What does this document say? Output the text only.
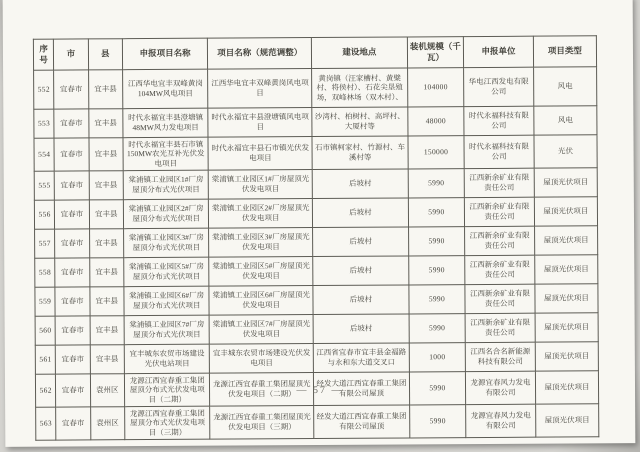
序号	市	县	申报项目名称	项目名称（规范调整）	建设地点	装机规模（千瓦）	申报单位	项目类型
552	宜春市	宜丰县	江西华电宜丰双峰黄岗104MW风电项目	江西华电宜丰双峰黄岗风电项目	黄岗镇（汪家槽村、黄檗村、将侯村）、石花尖垦殖场，双峰林场（双木村）、	104000	华电江西发电有限公司	风电
553	宜春市	宜丰县	时代永福宜丰县澄塘镇48MW风力发电项目	时代永福宜丰县澄塘镇风电项目	沙湾村、柏树村、高坪村、大厦村等	48000	时代永福科技有限公司	风电
554	宜春市	宜丰县	时代永福宜丰县石市镇150MW农光互补光伏发电项目	时代永福宜丰县石市镇光伏发电项目	石市镇柯家村、竹源村、车溪村等	150000	时代永福科技有限公司	光伏
555	宜春市	宜丰县	棠浦镇工业园区1#厂房屋顶分布式光伏项目	棠浦镇工业园区1#厂房屋顶光伏发电项目	后坡村	5990	江西新余矿业有限责任公司	屋顶光伏项目
556	宜春市	宜丰县	棠浦镇工业园区2#厂房屋顶分布式光伏项目	棠浦镇工业园区2#厂房屋顶光伏发电项目	后坡村	5990	江西新余矿业有限责任公司	屋顶光伏项目
557	宜春市	宜丰县	棠浦镇工业园区3#厂房屋顶分布式光伏项目	棠浦镇工业园区3#厂房屋顶光伏发电项目	后坡村	5990	江西新余矿业有限责任公司	屋顶光伏项目
558	宜春市	宜丰县	棠浦镇工业园区5#厂房屋顶分布式光伏项目	棠浦镇工业园区5#厂房屋顶光伏发电项目	后坡村	5990	江西新余矿业有限责任公司	屋顶光伏项目
559	宜春市	宜丰县	棠浦镇工业园区6#厂房屋顶分布式光伏项目	棠浦镇工业园区6#厂房屋顶光伏发电项目	后坡村	5990	江西新余矿业有限责任公司	屋顶光伏项目
560	宜春市	宜丰县	棠浦镇工业园区7#厂房屋顶分布式光伏项目	棠浦镇工业园区7#厂房屋顶光伏发电项目	后坡村	5990	江西新余矿业有限责任公司	屋顶光伏项目
561	宜春市	宜丰县	宜丰城东农贸市场建设光伏电站项目	宜丰城东农贸市场建设光伏发电项目	江西省宜春市宜丰县金福路与永和东大道交叉口	1000	江西名合名新能源科技有限公司	屋顶光伏项目
562	宜春市	袁州区	龙源江西宜春重工集团屋顶分布式光伏发电项目（二期）	龙源江西宜春重工集团屋顶光伏发电项目（二期）	经发大道江西宜春重工集团有限公司屋顶	5990	龙源宜春风力发电有限公司	屋顶光伏项目
563	宜春市	袁州区	龙源江西宜春重工集团屋顶分布式光伏发电项目（三期）	龙源江西宜春重工集团屋顶光伏发电项目（三期）	经发大道江西宜春重工集团有限公司屋顶	5990	龙源宜春风力发电有限公司	屋顶光伏项目
— 57 —
